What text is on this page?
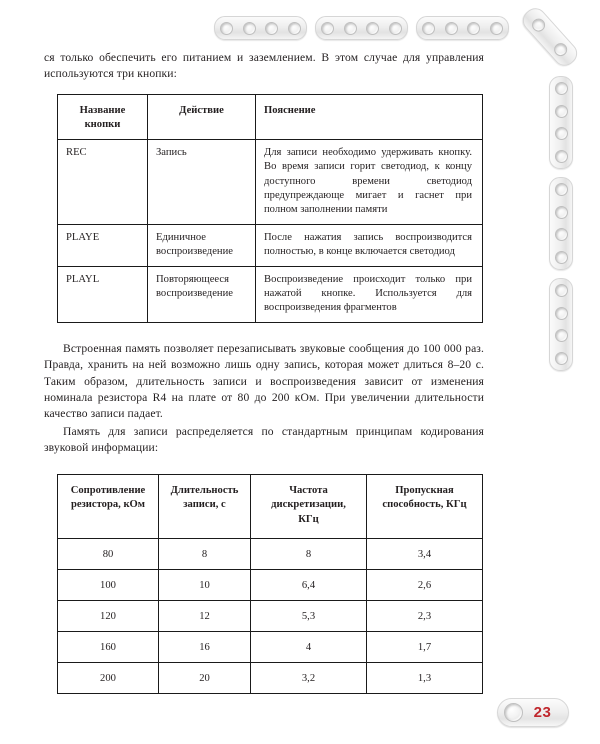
ся только обеспечить его питанием и заземлением. В этом случае для управления используются три кнопки:

Название
кнопки	Действие	Пояснение
REC	Запись	Для записи необходимо удерживать кнопку. Во время записи горит светодиод, к концу доступного времени светодиод предупреждающе мигает и гаснет при полном заполнении памяти
PLAYE	Единичное воспроизведение	После нажатия запись воспроизводится полностью, в конце включается светодиод
PLAYL	Повторяющееся воспроизведение	Воспроизведение происходит только при нажатой кнопке. Используется для воспроизведения фрагментов

Встроенная память позволяет перезаписывать звуковые сообщения до 100 000 раз. Правда, хранить на ней возможно лишь одну запись, которая может длиться 8–20 с. Таким образом, длительность записи и воспроизведения зависит от изменения номинала резистора R4 на плате от 80 до 200 кОм. При увеличении длительности качество записи падает.

Память для записи распределяется по стандартным принципам кодирования звуковой информации:

Сопротивление
резистора, кОм	Длительность
записи, с	Частота
дискретизации,
КГц	Пропускная
способность, КГц

80	8	8	3,4
100	10	6,4	2,6
120	12	5,3	2,3
160	16	4	1,7
200	20	3,2	1,3
23
